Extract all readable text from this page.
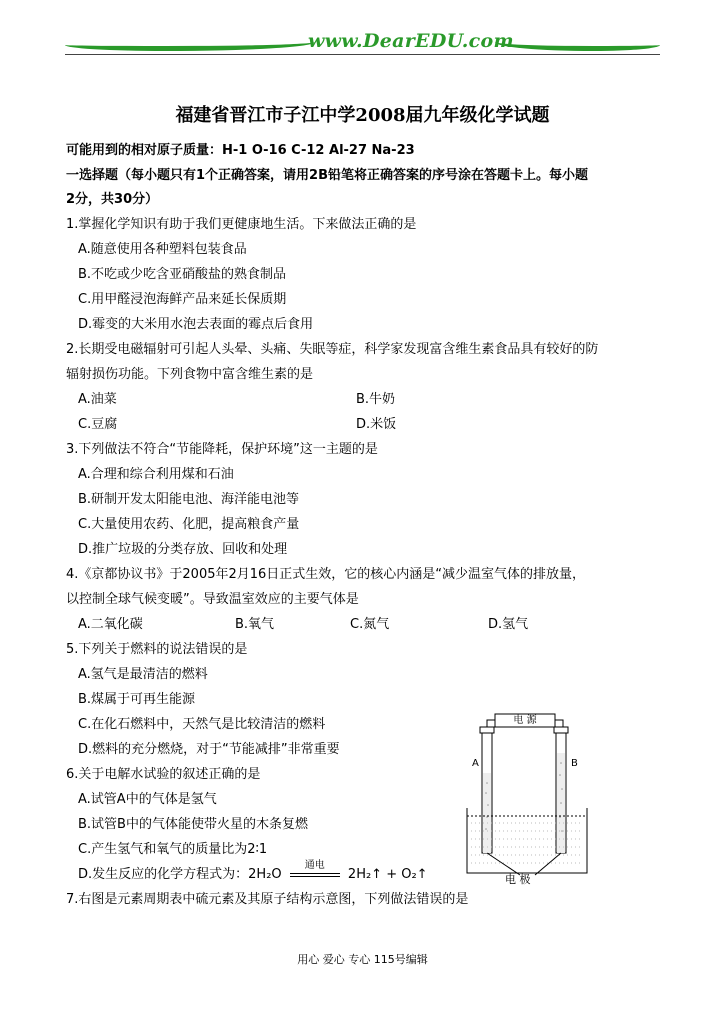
www.DearEDU.com
福建省晋江市子江中学2008届九年级化学试题
可能用到的相对原子质量：H-1 O-16 C-12 Al-27 Na-23
一选择题（每小题只有1个正确答案，请用2B铅笔将正确答案的序号涂在答题卡上。每小题
2分，共30分）
1.掌握化学知识有助于我们更健康地生活。下来做法正确的是
A.随意使用各种塑料包装食品
B.不吃或少吃含亚硝酸盐的熟食制品
C.用甲醛浸泡海鲜产品来延长保质期
D.霉变的大米用水泡去表面的霉点后食用
2.长期受电磁辐射可引起人头晕、头痛、失眠等症，科学家发现富含维生素食品具有较好的防
辐射损伤功能。下列食物中富含维生素的是
A.油菜	B.牛奶
C.豆腐	D.米饭
3.下列做法不符合“节能降耗，保护环境”这一主题的是
A.合理和综合利用煤和石油
B.研制开发太阳能电池、海洋能电池等
C.大量使用农药、化肥，提高粮食产量
D.推广垃圾的分类存放、回收和处理
4.《京都协议书》于2005年2月16日正式生效，它的核心内涵是“减少温室气体的排放量，
以控制全球气候变暖”。导致温室效应的主要气体是
A.二氧化碳	B.氧气	C.氮气	D.氢气
5.下列关于燃料的说法错误的是
A.氢气是最清洁的燃料
B.煤属于可再生能源
C.在化石燃料中，天然气是比较清洁的燃料
D.燃料的充分燃烧，对于“节能减排”非常重要
6.关于电解水试验的叙述正确的是
A.试管A中的气体是氢气
B.试管B中的气体能使带火星的木条复燃
C.产生氢气和氧气的质量比为2∶1
D.发生反应的化学方程式为：2H₂O
通电
2H₂↑ + O₂↑
7.右图是元素周期表中硫元素及其原子结构示意图，下列做法错误的是
电 源
A	B
电 极
用心 爱心 专心 115号编辑
